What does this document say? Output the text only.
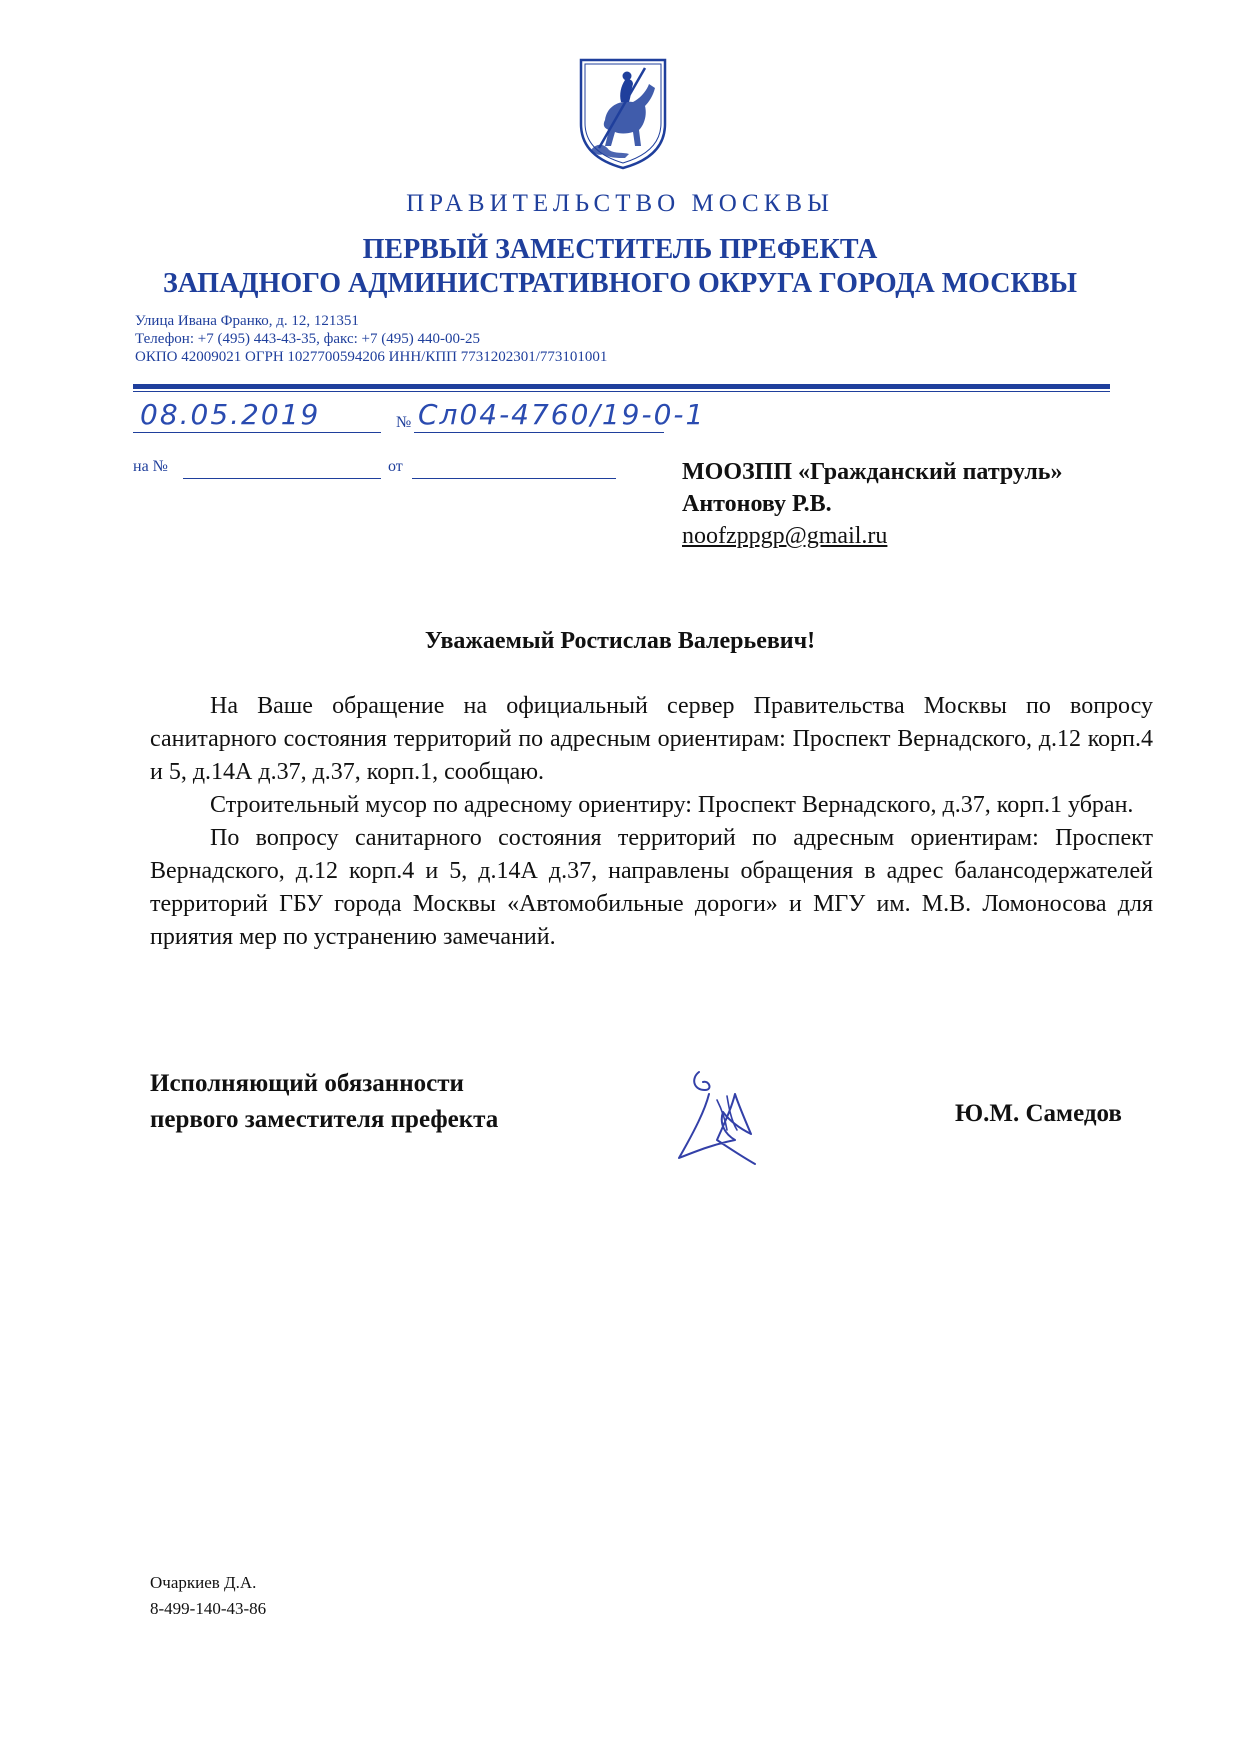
ПРАВИТЕЛЬСТВО МОСКВЫ
ПЕРВЫЙ ЗАМЕСТИТЕЛЬ ПРЕФЕКТА
ЗАПАДНОГО АДМИНИСТРАТИВНОГО ОКРУГА ГОРОДА МОСКВЫ
Улица Ивана Франко, д. 12, 121351
Телефон: +7 (495) 443-43-35, факс: +7 (495) 440-00-25
ОКПО 42009021 ОГРН 1027700594206 ИНН/КПП 7731202301/773101001
08.05.2019	№ Сл04-4760/19-0-1
на №	от	МООЗПП «Гражданский патруль»
Антонову Р.В.
noofzppgp@gmail.ru
Уважаемый Ростислав Валерьевич!

На Ваше обращение на официальный сервер Правительства Москвы по вопросу санитарного состояния территорий по адресным ориентирам: Проспект Вернадского, д.12 корп.4 и 5, д.14А д.37, д.37, корп.1, сообщаю.

Строительный мусор по адресному ориентиру: Проспект Вернадского, д.37, корп.1 убран.

По вопросу санитарного состояния территорий по адресным ориентирам: Проспект Вернадского, д.12 корп.4 и 5, д.14А д.37, направлены обращения в адрес балансодержателей территорий ГБУ города Москвы «Автомобильные дороги» и МГУ им. М.В. Ломоносова для приятия мер по устранению замечаний.

Исполняющий обязанности
первого заместителя префекта	Ю.М. Самедов
Очаркиев Д.А.
8-499-140-43-86
